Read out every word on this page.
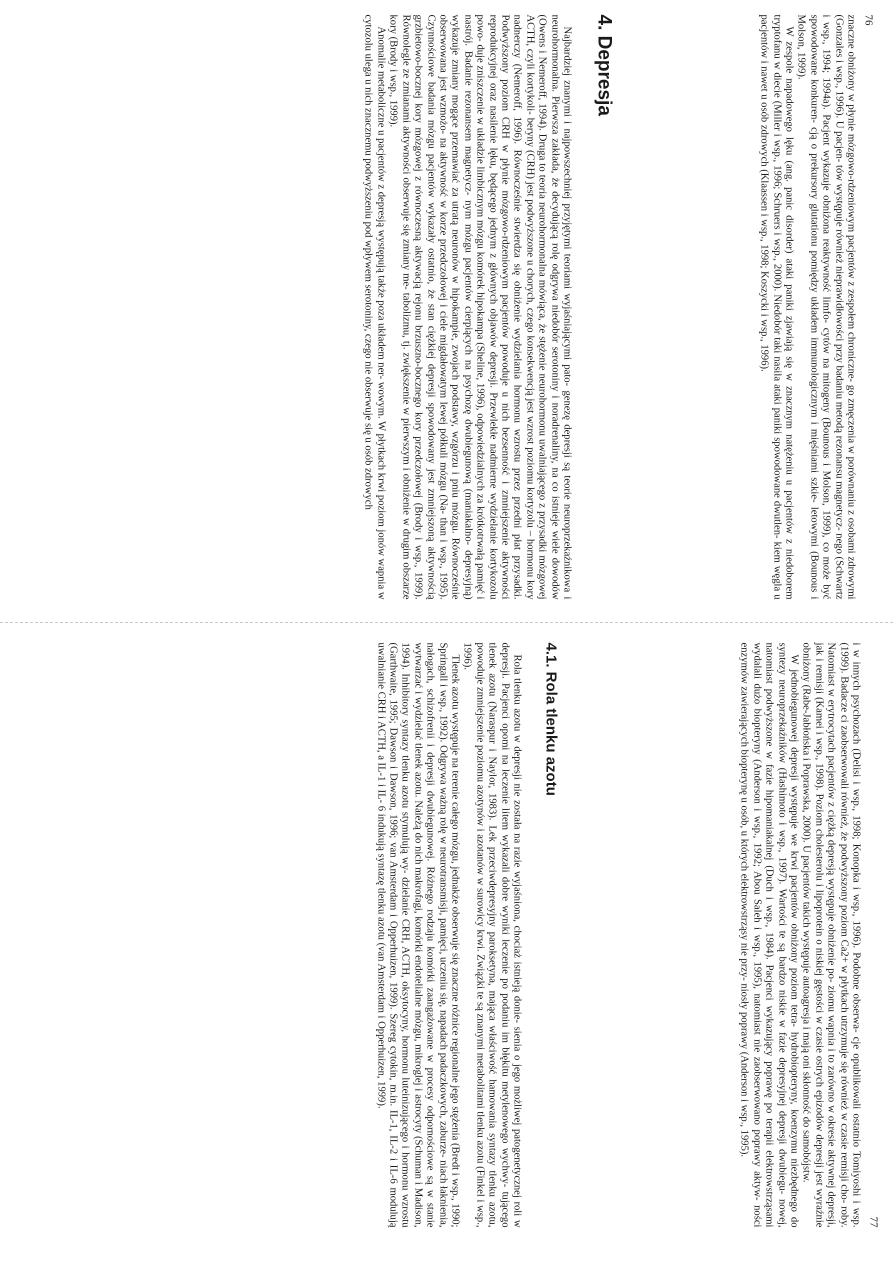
76

znaczne obniżony w płynie mózgowo-rdzeniowym pacjentów z zespołem chroniczne- go zmęczenia w porównaniu z osobami zdrowymi (Gonzales i wsp., 1996). U pacjen- tów występuje również nieprawidłowości przy badaniu metodą rezonansu magnetycz- nego (Schwartz i wsp., 1994; 1994a). Pacjent wykazuje obniżona reaktywność limfo- cytów na mitogeny (Bounous i Molson, 1999), co może być spowodowane konkuren- cją o prekursory glutationu pomiędzy układem immunologicznym i mięśniami szkie- letowymi (Bounous i Molson, 1999).

W zespole napadowego lęku (ang. panic disorder) ataki paniki zjawiają się w znacznym natężeniu u pacjentów z niedoborem tryptofanu w diecie (Miller i wsp., 1996; Schruers i wsp., 2000). Niedobór taki nasila ataki paniki spowodowane dwutlen- kiem węgla u pacjentów i nawet u osób zdrowych (Klaassen i wsp., 1998; Koszycki i wsp., 1996).

4. Depresja

Najbardziej znanymi i najpowszechniej przyjętymi teoriami wyjaśniającymi pato- genezę depresji są teorie neuroprzekaźnikowa i neurohormonalna. Pierwsza zakłada, że decydującą rolę odgrywa niedobór serotoniny i noradrenaliny, na co istnieje wiele dowodów (Owens i Nemeroff, 1994). Druga to teoria neurohormonalna mówiąca, że stężenie neurohormonu uwalniającego z przysadki mózgowej ACTH, czyli kortykoli- beryny (CRH) jest podwyższone u chorych, czego konsekwencją jest wzrost poziomu kortyzolu – hormonu kory nadnerczy (Nemeroff, 1996). Równocześnie stwierdza się obniżenie wydzielania hormonu wzrostu przez przedni płat przysadki. Podwyższony poziom CRH w płynie mózgowo-rdzeniowym pacjentów powoduje u nich bezsenność i zmniejszenie aktywności reprodukcyjnej oraz nasilenie lęku, będącego jednym z głównych objawów depresji. Przewlekłe nadmierne wydzielanie kortykozolu powo- duje zniszczenie w układzie limbicznym mózgu komórek hipokampa (Sheline, 1996), odpowiedzialnych za krótkotrwałą pamięć i nastrój. Badanie rezonansem magnetycz- nym mózgu pacjentów cierpiących na psychozę dwubiegunową (maniakalno- depresyjną) wykazuje zmiany mogące przemawiać za utratą neuronów w hipokampie, zwojach podstawy, wzgórzu i pniu mózgu. Równocześnie obserwowana jest wzmożo- na aktywność w korze przedczołowej i ciele migdałowatym lewej półkuli mózgu (Na- than i wsp., 1995). Czynnościowe badania mózgu pacjentów wykazały ostatnio, że stan ciężkiej depresji spowodowany jest zmniejszoną aktywnością grzbietowo-bocznej kory mózgowej z równoczesną aktywacją rejonu brzuszno-bocznego kory przedczołowej (Brody i wsp., 1999). Równolegle ze zmianami aktywności obserwuje się zmiany me- tabolizmu, tj. zwiększenie w pierwszym i obniżenie w drugim obszarze kory (Brody i wsp., 1999).

Anomalie metaboliczne u pacjentów z depresją występują także poza układem ner- wowym. W płytkach krwi poziom jonów wapnia w cytozolu ulega u nich znacznemu podwyższeniu pod wpływem serotoniny, czego nie obserwuje się u osób zdrowych

77

i w innych psychozach (Delisi i wsp., 1998; Konopka i wsp., 1996). Podobne obserwa- cje opublikowali ostatnio Tomiyoshi i wsp. (1999). Badacze ci zaobserwowali również, że podwyższony poziom Ca2+ w płytkach utrzymuje się również w czasie remisji cho- roby. Natomiast w erytrocytach pacjentów z ciężką depresją występuje obniżenie po- ziomu wapnia i to zarówno w okresie aktywnej depresji, jak i remisji (Kamei i wsp., 1998). Poziom cholesterolu i lipoprotein o niskiej gęstości w czasie ostrych epizodów depresji jest wyraźnie obniżony (Rabe-Jabłońska i Poprawska, 2000). U pacjentów takich występuje autoagresja i mają oni skłonność do samobójstw.

W jednobiegunowej depresji występuje we krwi pacjentów obniżony poziom tetra- hydrobiopteryny, koenzymu niezbędnego do syntezy neuroprzekaźników (Hashimoto i wsp., 1997). Wartości te są bardzo niskie w fazie depresyjnej depresji dwubiegu- nowej, natomiast podwyższone w fazie hipomaniakalnej (Duch i wsp., 1984). Pacjenci wykazujący poprawę po terapii elektrowstrząsami wydalali dużo biopteryny (Anderson i wsp., 1992; Abou Saleh i wsp., 1995), natomiast nie zaobserwowano poprawy aktyw- ności enzymów zawierających biopterynę u osób, u których elektrowstrząsy nie przy- niosły poprawy (Anderson i wsp., 1995).

4.1. Rola tlenku azotu

Rola tlenku azotu w depresji nie została na razie wyjaśniona, chociaż istnieją donie- sienia o jego możliwej patogenetycznej roli w depresji. Pacjenci opomi na leczenie litem wykazali dobre wyniki leczenie po podaniu im błękitu metylenowego wychwy- tującego tlenek azotu (Naraspur i Naylor, 1983). Lek przeciwdepresyjny paroksetyna, mająca właściwość hamowania syntazy tlenku azotu, powoduje zmniejszenie poziomu azotynów i azotanów w surowicy krwi. Związki te są znanymi metabolitami tlenku azotu (Finkel i wsp., 1996).

Tlenek azotu występuje na terenie całego mózgu, jednakże obserwuje się znaczne różnice regionalne jego stężenia (Bredt i wsp., 1990; Springall i wsp., 1992). Odgrywa ważną rolę w neurotransmisji, pamięci, uczeniu się, napadach padaczkowych, zaburze- niach łaknienia, nałogach, schizofrenii i depresji dwubiegunowej. Różnego rodzaju komórki zaangażowane w procesy odpornościowe są w stanie wytwarzać i wydzielać tlenek azotu. Należą do nich makrofagi, komórki endotelialne mózgu, mikroglej i astrocyty (Schuman i Madison, 1994). Inhibitory syntazy tlenku azotu stymulują wy- dzielanie CRH, ACTH, oksytocyny, hormonu luteinizującego i hormonu wzrostu (Garthwaite, 1995; Dawson i Dawson, 1996; van Amsterdam i Opperhuizen, 1999). Szereg cytokin, m.in. IL-1, IL-2 i IL-6 modulują uwalnianie CRH i ACTH, a IL-1 i IL- 6 indukują syntazę tlenku azotu (van Amsterdam i Opperhuizen, 1999).
